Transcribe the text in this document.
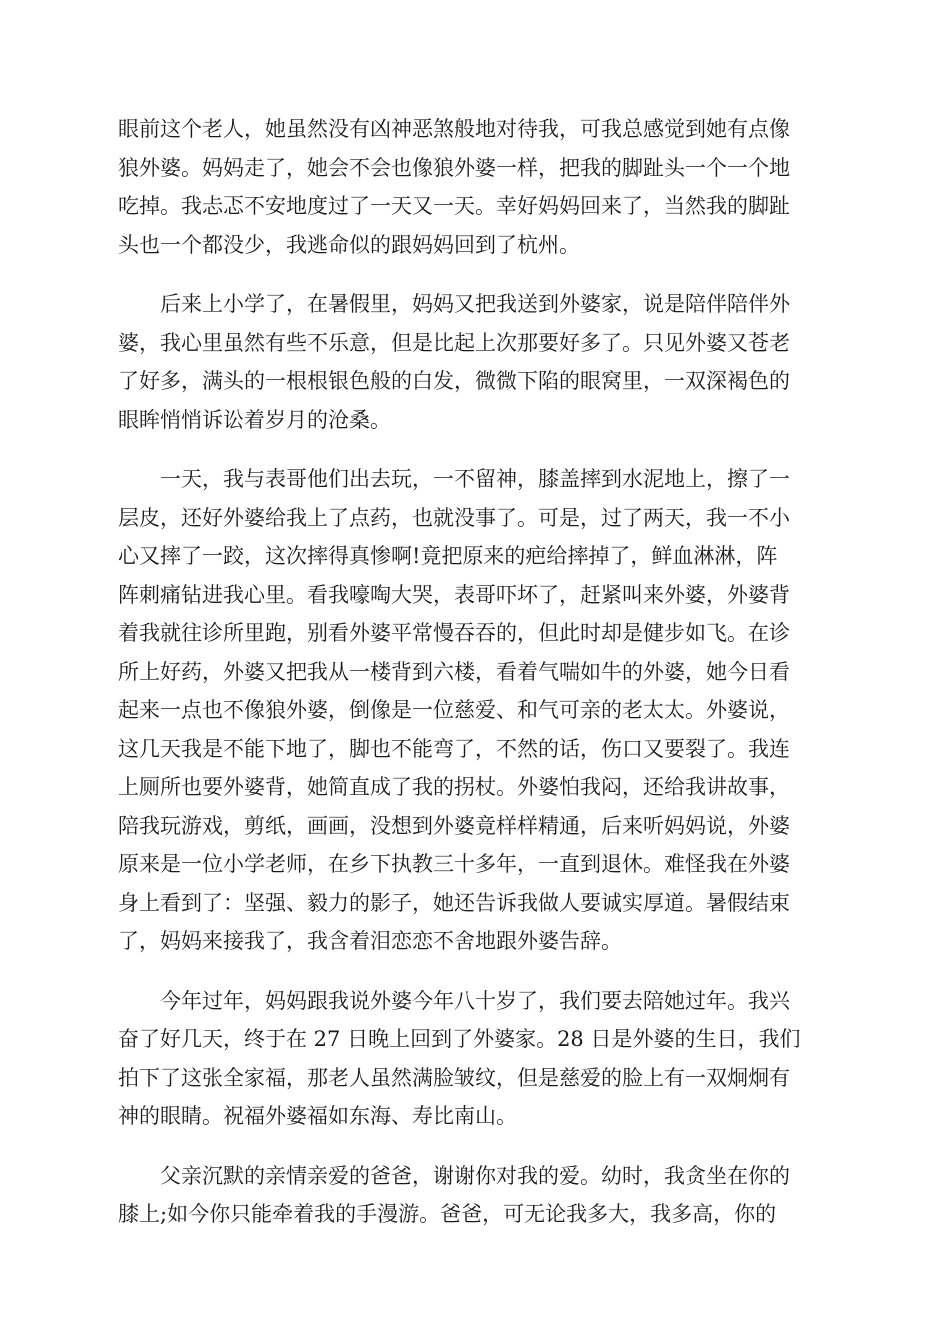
眼前这个老人，她虽然没有凶神恶煞般地对待我，可我总感觉到她有点像
狼外婆。妈妈走了，她会不会也像狼外婆一样，把我的脚趾头一个一个地
吃掉。我忐忑不安地度过了一天又一天。幸好妈妈回来了，当然我的脚趾
头也一个都没少，我逃命似的跟妈妈回到了杭州。
后来上小学了，在暑假里，妈妈又把我送到外婆家，说是陪伴陪伴外
婆，我心里虽然有些不乐意，但是比起上次那要好多了。只见外婆又苍老
了好多，满头的一根根银色般的白发，微微下陷的眼窝里，一双深褐色的
眼眸悄悄诉讼着岁月的沧桑。
一天，我与表哥他们出去玩，一不留神，膝盖摔到水泥地上，擦了一
层皮，还好外婆给我上了点药，也就没事了。可是，过了两天，我一不小
心又摔了一跤，这次摔得真惨啊!竟把原来的疤给摔掉了，鲜血淋淋，阵
阵刺痛钻进我心里。看我嚎啕大哭，表哥吓坏了，赶紧叫来外婆，外婆背
着我就往诊所里跑，别看外婆平常慢吞吞的，但此时却是健步如飞。在诊
所上好药，外婆又把我从一楼背到六楼，看着气喘如牛的外婆，她今日看
起来一点也不像狼外婆，倒像是一位慈爱、和气可亲的老太太。外婆说，
这几天我是不能下地了，脚也不能弯了，不然的话，伤口又要裂了。我连
上厕所也要外婆背，她简直成了我的拐杖。外婆怕我闷，还给我讲故事，
陪我玩游戏，剪纸，画画，没想到外婆竟样样精通，后来听妈妈说，外婆
原来是一位小学老师，在乡下执教三十多年，一直到退休。难怪我在外婆
身上看到了：坚强、毅力的影子，她还告诉我做人要诚实厚道。暑假结束
了，妈妈来接我了，我含着泪恋恋不舍地跟外婆告辞。
今年过年，妈妈跟我说外婆今年八十岁了，我们要去陪她过年。我兴
奋了好几天，终于在 27 日晚上回到了外婆家。28 日是外婆的生日，我们
拍下了这张全家福，那老人虽然满脸皱纹，但是慈爱的脸上有一双炯炯有
神的眼睛。祝福外婆福如东海、寿比南山。
父亲沉默的亲情亲爱的爸爸，谢谢你对我的爱。幼时，我贪坐在你的
膝上;如今你只能牵着我的手漫游。爸爸，可无论我多大，我多高，你的
